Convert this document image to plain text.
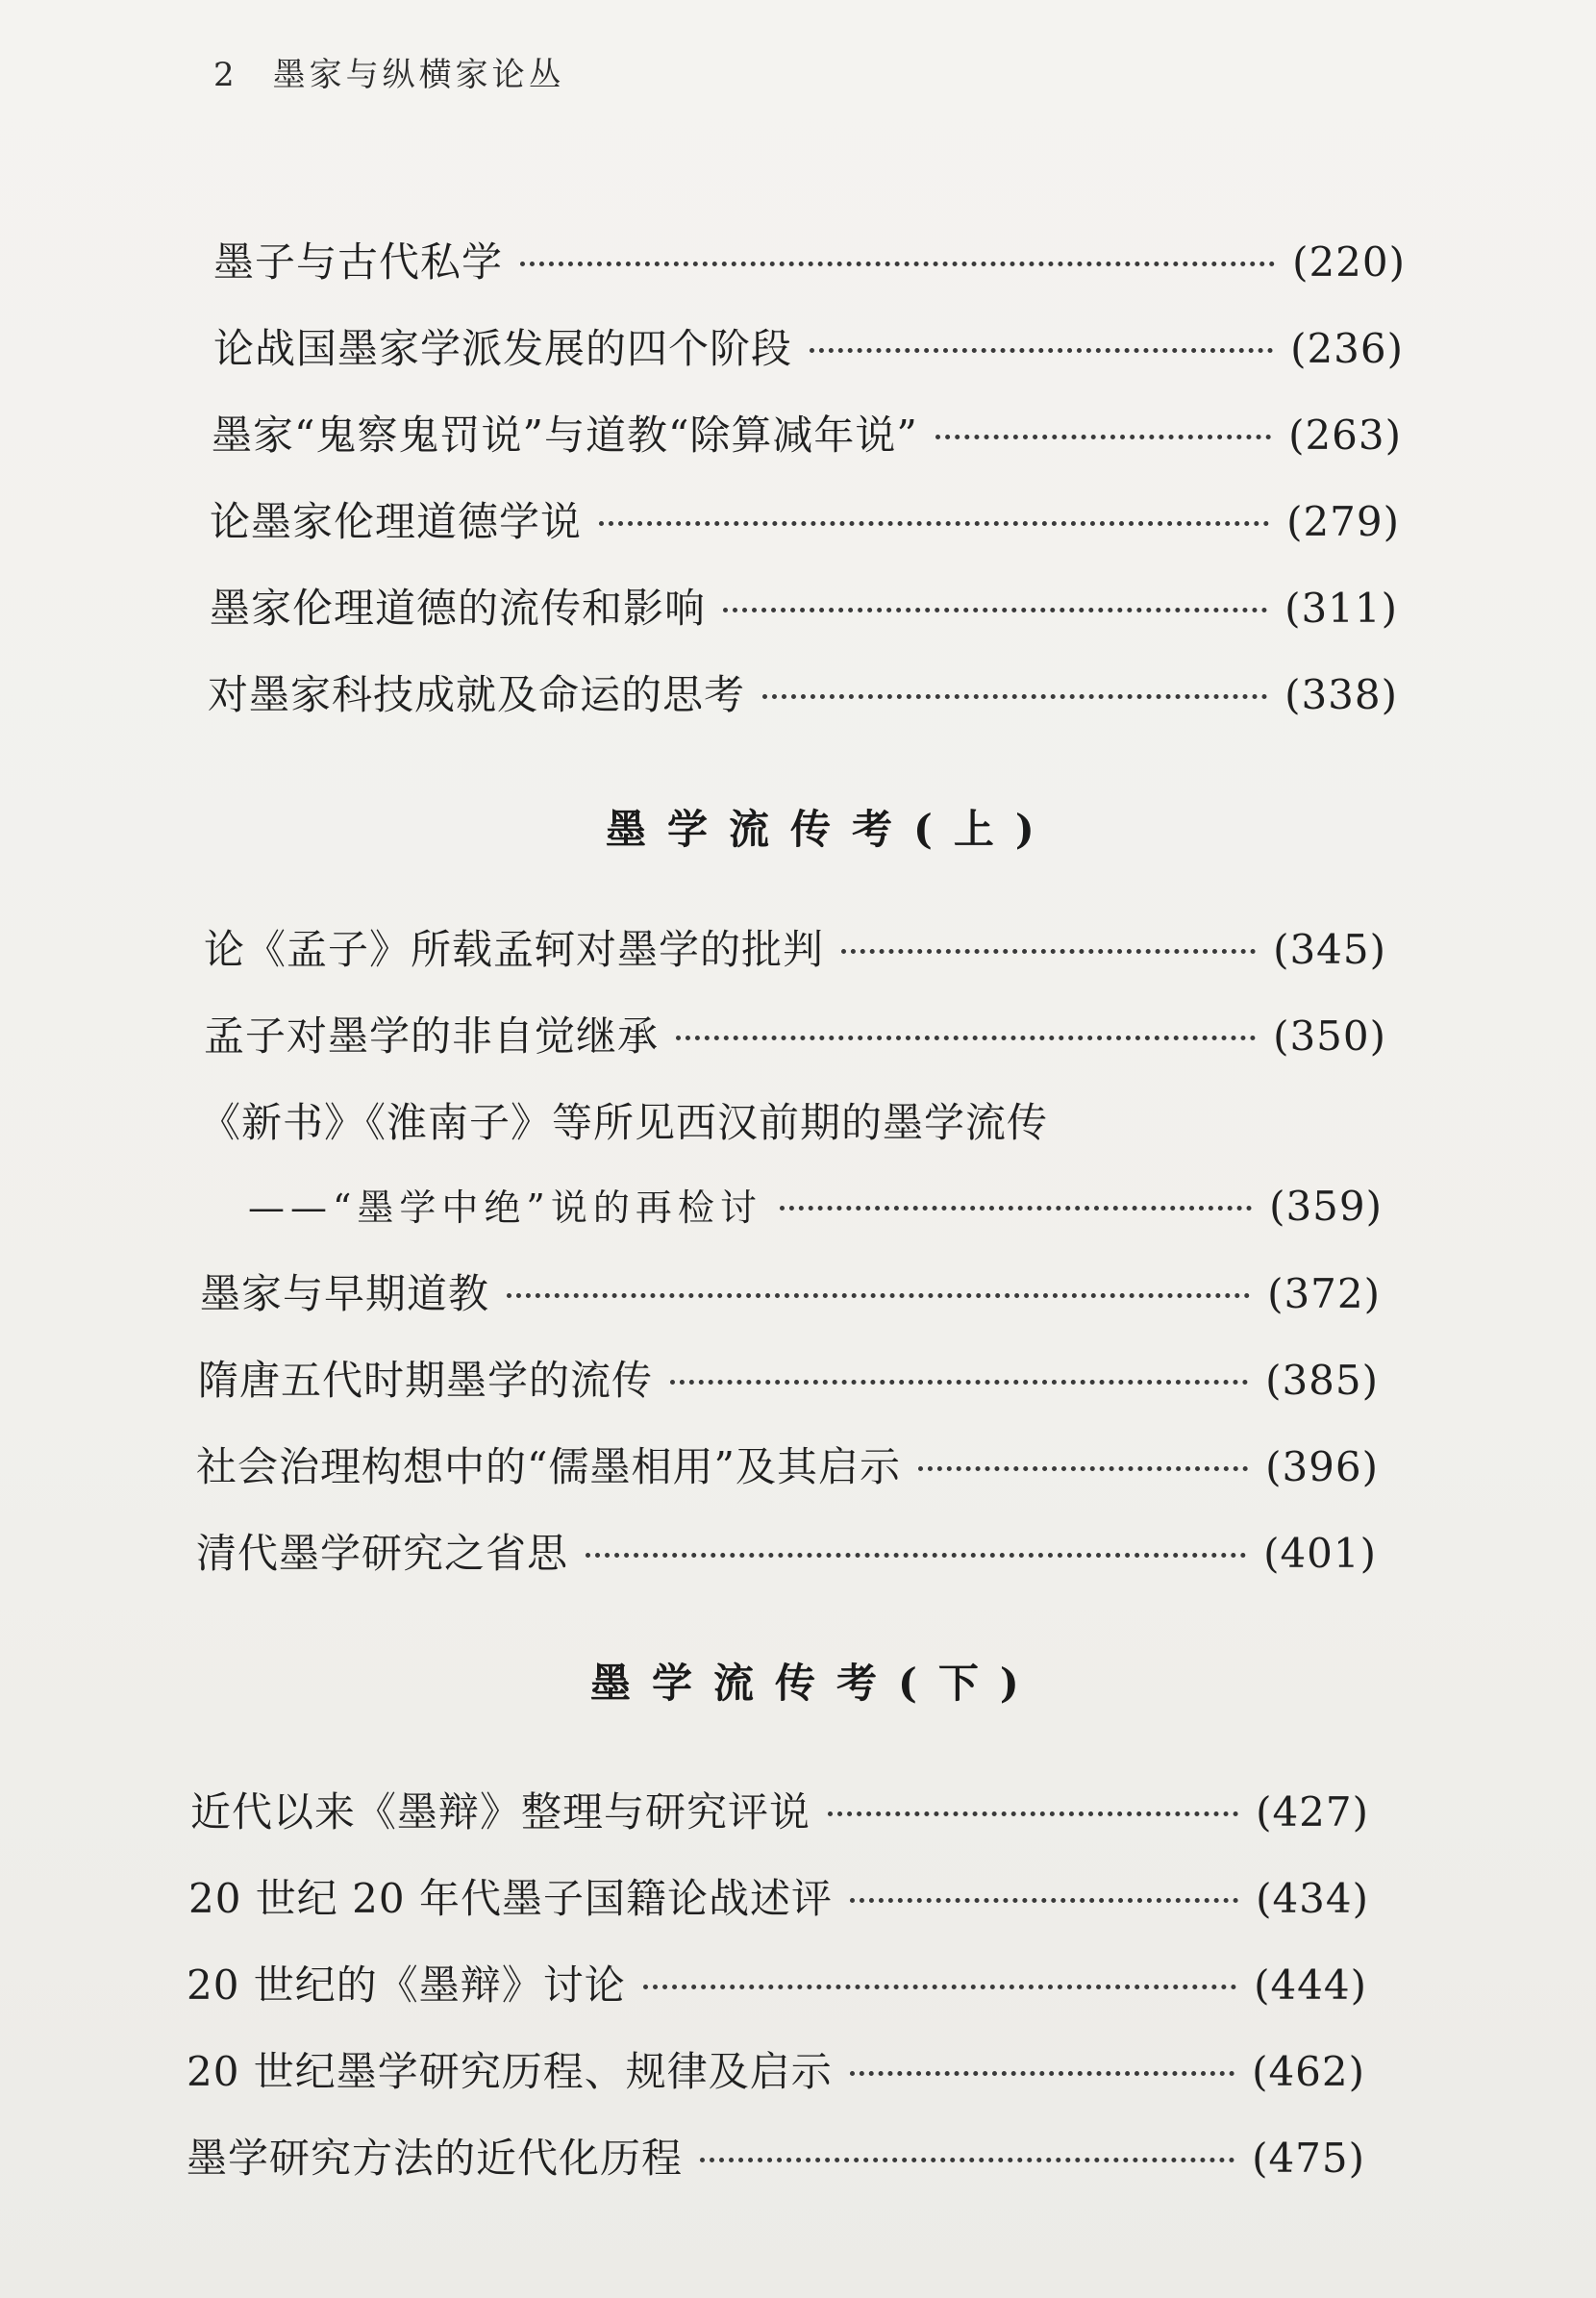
2 墨家与纵横家论丛
墨子与古代私学	(220)
论战国墨家学派发展的四个阶段	(236)
墨家“鬼察鬼罚说”与道教“除算减年说”	(263)
论墨家伦理道德学说	(279)
墨家伦理道德的流传和影响	(311)
对墨家科技成就及命运的思考	(338)
墨学流传考(上)
论《孟子》所载孟轲对墨学的批判	(345)
孟子对墨学的非自觉继承	(350)
《新书》《淮南子》等所见西汉前期的墨学流传
——“墨学中绝”说的再检讨	(359)
墨家与早期道教	(372)
隋唐五代时期墨学的流传	(385)
社会治理构想中的“儒墨相用”及其启示	(396)
清代墨学研究之省思	(401)
墨学流传考(下)
近代以来《墨辩》整理与研究评说	(427)
20 世纪 20 年代墨子国籍论战述评	(434)
20 世纪的《墨辩》讨论	(444)
20 世纪墨学研究历程、规律及启示	(462)
墨学研究方法的近代化历程	(475)
